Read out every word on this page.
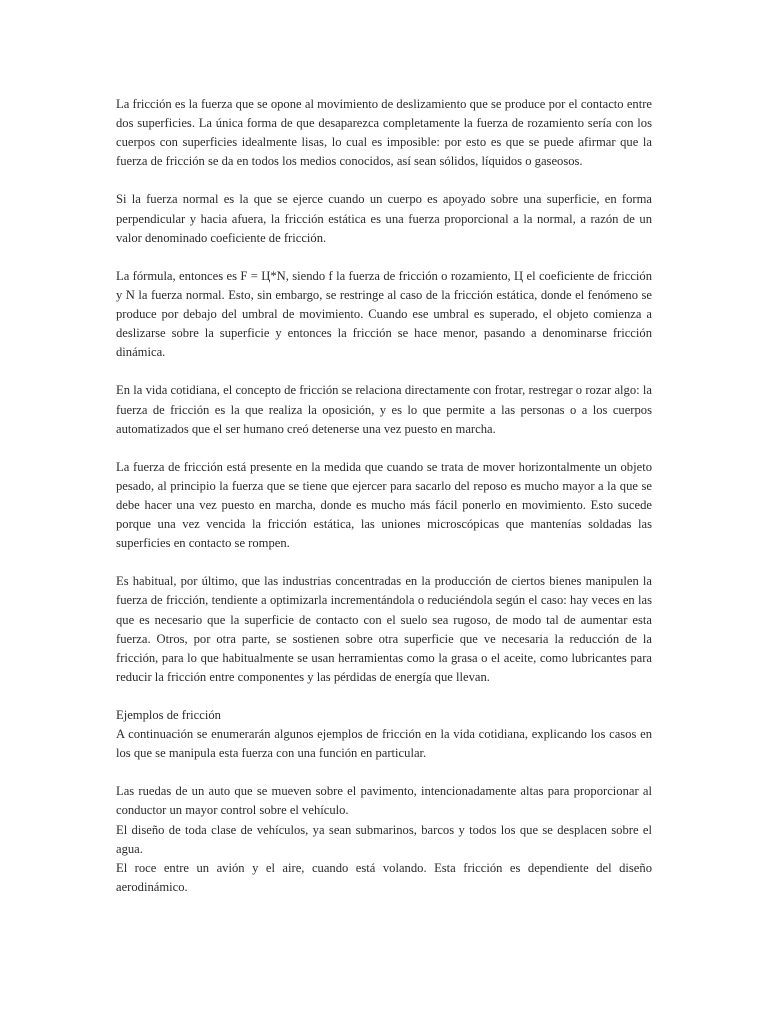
La fricción es la fuerza que se opone al movimiento de deslizamiento que se produce por el contacto entre dos superficies. La única forma de que desaparezca completamente la fuerza de rozamiento sería con los cuerpos con superficies idealmente lisas, lo cual es imposible: por esto es que se puede afirmar que la fuerza de fricción se da en todos los medios conocidos, así sean sólidos, líquidos o gaseosos.

Si la fuerza normal es la que se ejerce cuando un cuerpo es apoyado sobre una superficie, en forma perpendicular y hacia afuera, la fricción estática es una fuerza proporcional a la normal, a razón de un valor denominado coeficiente de fricción.

La fórmula, entonces es F = Ц*N, siendo f la fuerza de fricción o rozamiento, Ц el coeficiente de fricción y N la fuerza normal. Esto, sin embargo, se restringe al caso de la fricción estática, donde el fenómeno se produce por debajo del umbral de movimiento. Cuando ese umbral es superado, el objeto comienza a deslizarse sobre la superficie y entonces la fricción se hace menor, pasando a denominarse fricción dinámica.

En la vida cotidiana, el concepto de fricción se relaciona directamente con frotar, restregar o rozar algo: la fuerza de fricción es la que realiza la oposición, y es lo que permite a las personas o a los cuerpos automatizados que el ser humano creó detenerse una vez puesto en marcha.

La fuerza de fricción está presente en la medida que cuando se trata de mover horizontalmente un objeto pesado, al principio la fuerza que se tiene que ejercer para sacarlo del reposo es mucho mayor a la que se debe hacer una vez puesto en marcha, donde es mucho más fácil ponerlo en movimiento. Esto sucede porque una vez vencida la fricción estática, las uniones microscópicas que mantenías soldadas las superficies en contacto se rompen.

Es habitual, por último, que las industrias concentradas en la producción de ciertos bienes manipulen la fuerza de fricción, tendiente a optimizarla incrementándola o reduciéndola según el caso: hay veces en las que es necesario que la superficie de contacto con el suelo sea rugoso, de modo tal de aumentar esta fuerza. Otros, por otra parte, se sostienen sobre otra superficie que ve necesaria la reducción de la fricción, para lo que habitualmente se usan herramientas como la grasa o el aceite, como lubricantes para reducir la fricción entre componentes y las pérdidas de energía que llevan.

Ejemplos de fricción

A continuación se enumerarán algunos ejemplos de fricción en la vida cotidiana, explicando los casos en los que se manipula esta fuerza con una función en particular.

Las ruedas de un auto que se mueven sobre el pavimento, intencionadamente altas para proporcionar al conductor un mayor control sobre el vehículo.

El diseño de toda clase de vehículos, ya sean submarinos, barcos y todos los que se desplacen sobre el agua.

El roce entre un avión y el aire, cuando está volando. Esta fricción es dependiente del diseño aerodinámico.
